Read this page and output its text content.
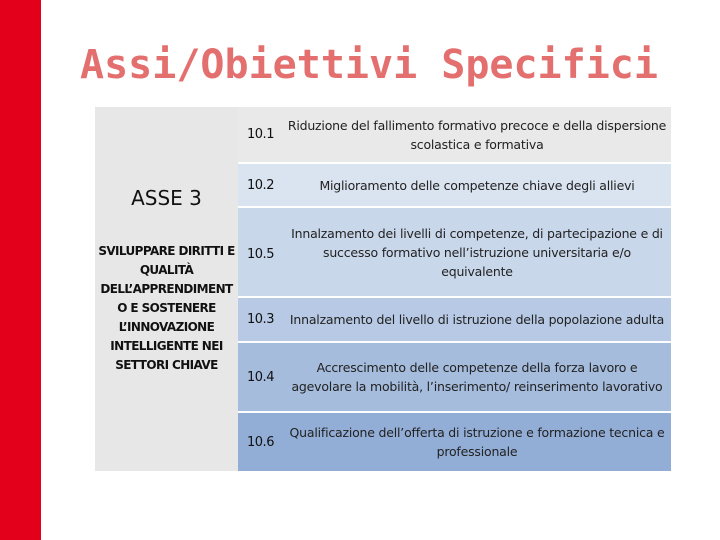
Assi/Obiettivi Specifici
ASSE 3
SVILUPPARE DIRITTI E QUALITÀ DELL’APPRENDIMENT O E SOSTENERE L’INNOVAZIONE INTELLIGENTE NEI SETTORI CHIAVE
10.1
Riduzione del fallimento formativo precoce e della dispersione scolastica e formativa
10.2	Miglioramento delle competenze chiave degli allievi
10.5
Innalzamento dei livelli di competenze, di partecipazione e di successo formativo nell’istruzione universitaria e/o equivalente
10.3	Innalzamento del livello di istruzione della popolazione adulta
10.4
Accrescimento delle competenze della forza lavoro e agevolare la mobilità, l’inserimento/ reinserimento lavorativo
10.6
Qualificazione dell’offerta di istruzione e formazione tecnica e professionale
